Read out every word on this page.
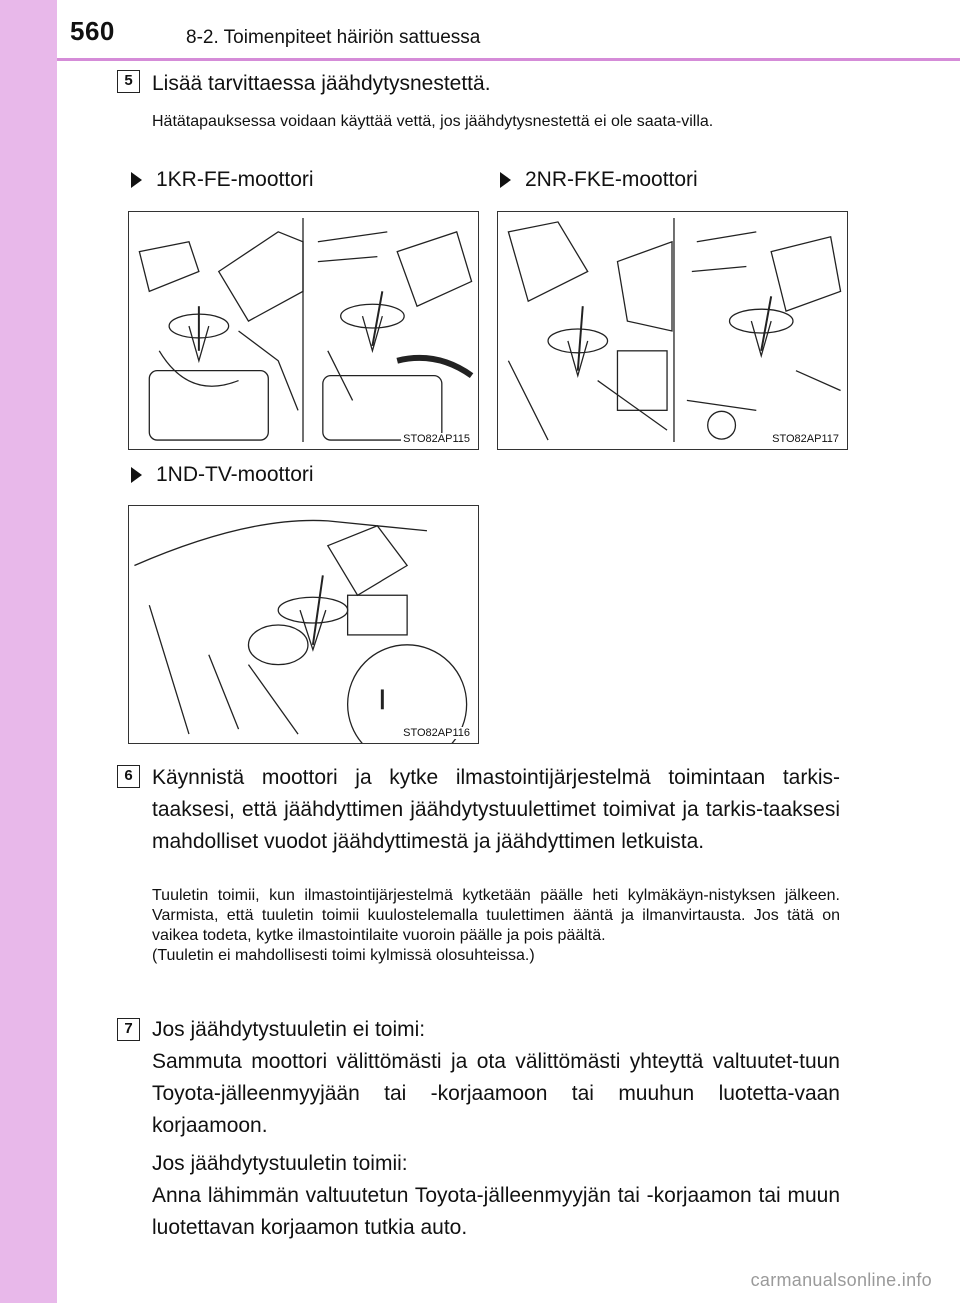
560	8-2. Toimenpiteet häiriön sattuessa
5 Lisää tarvittaessa jäähdytysnestettä.
Hätätapauksessa voidaan käyttää vettä, jos jäähdytysnestettä ei ole saata-villa.
1KR-FE-moottori	2NR-FKE-moottori
STO82AP115	STO82AP117
1ND-TV-moottori
STO82AP116
6 Käynnistä moottori ja kytke ilmastointijärjestelmä toimintaan tarkis-taaksesi, että jäähdyttimen jäähdytystuulettimet toimivat ja tarkis-taaksesi mahdolliset vuodot jäähdyttimestä ja jäähdyttimen letkuista.
Tuuletin toimii, kun ilmastointijärjestelmä kytketään päälle heti kylmäkäyn-nistyksen jälkeen. Varmista, että tuuletin toimii kuulostelemalla tuulettimen ääntä ja ilmanvirtausta. Jos tätä on vaikea todeta, kytke ilmastointilaite vuoroin päälle ja pois päältä.
(Tuuletin ei mahdollisesti toimi kylmissä olosuhteissa.)
7 Jos jäähdytystuuletin ei toimi:
Sammuta moottori välittömästi ja ota välittömästi yhteyttä valtuutet-tuun Toyota-jälleenmyyjään tai -korjaamoon tai muuhun luotetta-vaan korjaamoon.
Jos jäähdytystuuletin toimii:
Anna lähimmän valtuutetun Toyota-jälleenmyyjän tai -korjaamon tai muun luotettavan korjaamon tutkia auto.
carmanualsonline.info
